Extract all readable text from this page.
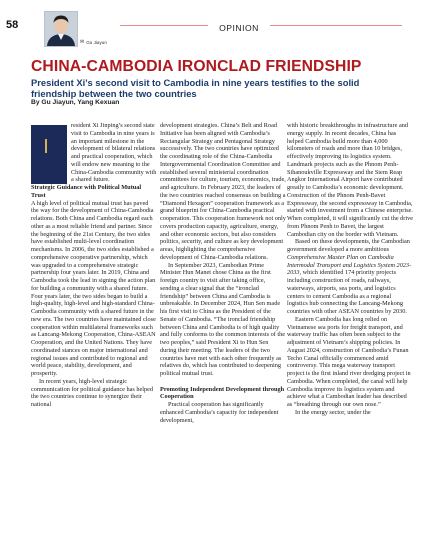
58
✉ Gu Jiayun
OPINION
CHINA-CAMBODIA IRONCLAD FRIENDSHIP

President Xi’s second visit to Cambodia in nine years testifies to the solid friendship between the two countries

By Gu Jiayun, Yang Kexuan

resident Xi Jinping’s second state visit to Cambodia in nine years is an important milestone in the development of bilateral relations and practical cooperation, which will endow new meaning to the China-Cambodia community with a shared future.

Strategic Guidance with Political Mutual Trust

A high level of political mutual trust has paved the way for the development of China-Cambodia relations. Both China and Cambodia regard each other as a most reliable friend and partner. Since the beginning of the 21st Century, the two sides have established multi-level coordination mechanisms. In 2006, the two sides established a comprehensive cooperative partnership, which was upgraded to a comprehensive strategic partnership four years later. In 2019, China and Cambodia took the lead in signing the action plan for building a community with a shared future. Four years later, the two sides began to build a high-quality, high-level and high-standard China-Cambodia community with a shared future in the new era. The two countries have maintained close cooperation within multilateral frameworks such as Lancang-Mekong Cooperation, China-ASEAN Cooperation, and the United Nations. They have coordinated stances on major international and regional issues and contributed to regional and world peace, stability, development, and prosperity.

In recent years, high-level strategic communication for political guidance has helped the two countries continue to synergize their national

development strategies. China’s Belt and Road Initiative has been aligned with Cambodia’s Rectangular Strategy and Pentagonal Strategy successively. The two countries have optimized the coordinating role of the China-Cambodia Intergovernmental Coordination Committee and established several ministerial coordination committees for culture, tourism, economics, trade, and agriculture. In February 2023, the leaders of the two countries reached consensus on building a “Diamond Hexagon” cooperation framework as a grand blueprint for China-Cambodia practical cooperation. This cooperation framework not only covers production capacity, agriculture, energy, and other economic sectors, but also considers politics, security, and culture as key development areas, highlighting the comprehensive development of China-Cambodia relations.

In September 2023, Cambodian Prime Minister Hun Manet chose China as the first foreign country to visit after taking office, sending a clear signal that the “ironclad friendship” between China and Cambodia is unbreakable. In December 2024, Hun Sen made his first visit to China as the President of the Senate of Cambodia. “The ironclad friendship between China and Cambodia is of high quality and fully conforms to the common interests of the two peoples,” said President Xi to Hun Sen during their meeting. The leaders of the two countries have met with each other frequently as relatives do, which has contributed to deepening political mutual trust.

Promoting Independent Development through Cooperation

Practical cooperation has significantly enhanced Cambodia’s capacity for independent development,

with historic breakthroughs in infrastructure and energy supply. In recent decades, China has helped Cambodia build more than 4,000 kilometers of roads and more than 10 bridges, effectively improving its logistics system. Landmark projects such as the Phnom Penh-Sihanoukville Expressway and the Siem Reap Angkor International Airport have contributed greatly to Cambodia’s economic development. Construction of the Phnom Penh-Bavet Expressway, the second expressway in Cambodia, started with investment from a Chinese enterprise. When completed, it will significantly cut the drive from Phnom Penh to Bavet, the largest Cambodian city on the border with Vietnam.

Based on these developments, the Cambodian government developed a more ambitious Comprehensive Master Plan on Cambodia Intermodal Transport and Logistics System 2023-2033, which identified 174 priority projects including construction of roads, railways, waterways, airports, sea ports, and logistics centers to cement Cambodia as a regional logistics hub connecting the Lancang-Mekong countries with other ASEAN countries by 2030.

Eastern Cambodia has long relied on Vietnamese sea ports for freight transport, and waterway traffic has often been subject to the adjustment of Vietnam’s shipping policies. In August 2024, construction of Cambodia’s Funan Techo Canal officially commenced amid controversy. This mega waterway transport project is the first inland river dredging project in Cambodia. When completed, the canal will help Cambodia improve its logistics system and achieve what a Cambodian leader has described as “breathing through our own nose.”

In the energy sector, under the
